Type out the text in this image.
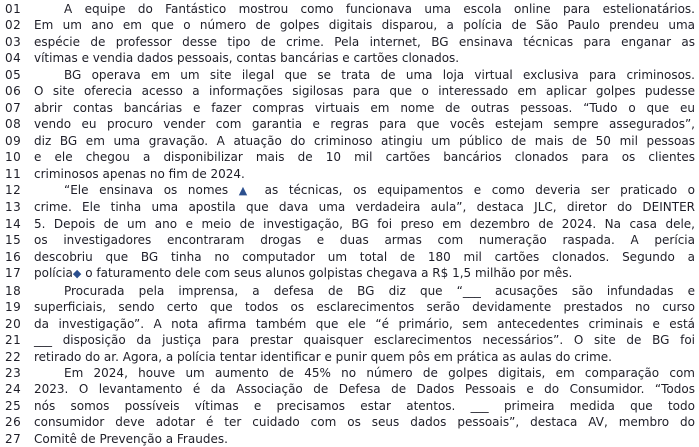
01	A equipe do Fantástico mostrou como funcionava uma escola online para estelionatários.
02	Em um ano em que o número de golpes digitais disparou, a polícia de São Paulo prendeu uma
03	espécie de professor desse tipo de crime. Pela internet, BG ensinava técnicas para enganar as
04	vítimas e vendia dados pessoais, contas bancárias e cartões clonados.
05	BG operava em um site ilegal que se trata de uma loja virtual exclusiva para criminosos.
06	O site oferecia acesso a informações sigilosas para que o interessado em aplicar golpes pudesse
07	abrir contas bancárias e fazer compras virtuais em nome de outras pessoas. “Tudo o que eu
08	vendo eu procuro vender com garantia e regras para que vocês estejam sempre assegurados”,
09	diz BG em uma gravação. A atuação do criminoso atingiu um público de mais de 50 mil pessoas
10	e ele chegou a disponibilizar mais de 10 mil cartões bancários clonados para os clientes
11	criminosos apenas no fim de 2024.
12	“Ele ensinava os nomes ▲ as técnicas, os equipamentos e como deveria ser praticado o
13	crime. Ele tinha uma apostila que dava uma verdadeira aula”, destaca JLC, diretor do DEINTER
14	5. Depois de um ano e meio de investigação, BG foi preso em dezembro de 2024. Na casa dele,
15	os investigadores encontraram drogas e duas armas com numeração raspada. A perícia
16	descobriu que BG tinha no computador um total de 180 mil cartões clonados. Segundo a
17	polícia◆ o faturamento dele com seus alunos golpistas chegava a R$ 1,5 milhão por mês.
18	Procurada pela imprensa, a defesa de BG diz que “___ acusações são infundadas e
19	superficiais, sendo certo que todos os esclarecimentos serão devidamente prestados no curso
20	da investigação”. A nota afirma também que ele “é primário, sem antecedentes criminais e está
21	___ disposição da justiça para prestar quaisquer esclarecimentos necessários”. O site de BG foi
22	retirado do ar. Agora, a polícia tentar identificar e punir quem pôs em prática as aulas do crime.
23	Em 2024, houve um aumento de 45% no número de golpes digitais, em comparação com
24	2023. O levantamento é da Associação de Defesa de Dados Pessoais e do Consumidor. “Todos
25	nós somos possíveis vítimas e precisamos estar atentos. ___ primeira medida que todo
26	consumidor deve adotar é ter cuidado com os seus dados pessoais”, destaca AV, membro do
27	Comitê de Prevenção a Fraudes.
